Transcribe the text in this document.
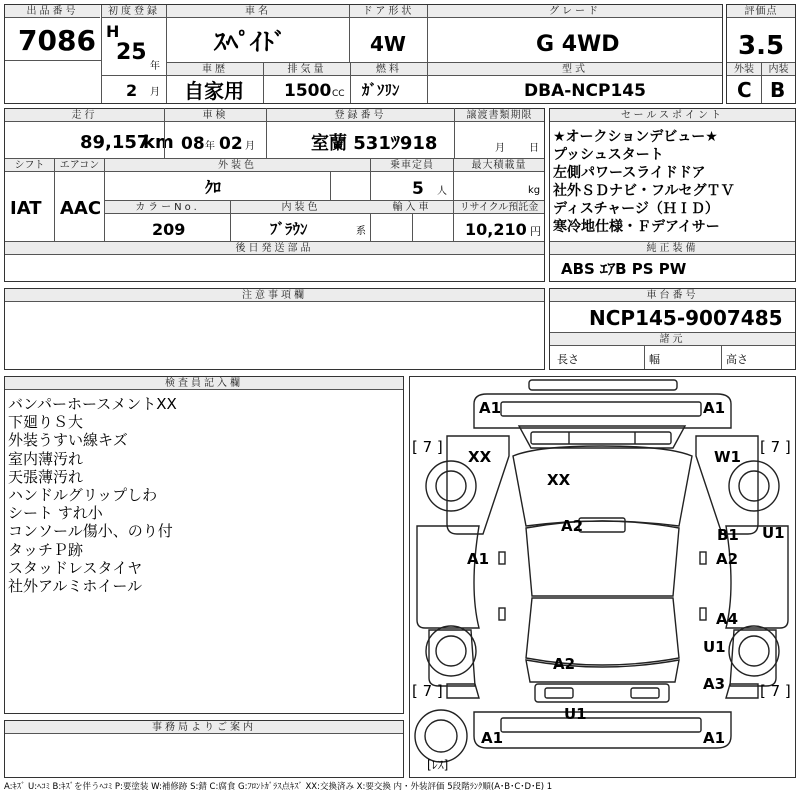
出品番号
7086
初度登録
H
25
年
2 月
車名
ｽﾍﾟｲﾄﾞ
ドア形状
4W
グレード
G 4WD
車歴
自家用
排気量
1500 CC
燃料
ｶﾞｿﾘﾝ
型式
DBA-NCP145
評価点
3.5
外装	内装
C B
走行
89,157
km
車検
08 年 02 月
登録番号
室蘭 531ﾂ918
譲渡書類期限
月 日
シフト
IAT
エアコン
AAC
外装色
ｸﾛ
乗車定員
5 人
最大積載量
kg
カラーNo.
209
内装色
ﾌﾞﾗｳﾝ	系
輸入車	リサイクル預託金
10,210 円
後日発送部品
セールスポイント
★オークションデビュー★
プッシュスタート
左側パワースライドドア
社外ＳＤナビ・フルセグＴＶ
ディスチャージ（ＨＩＤ）
寒冷地仕様・Ｆデアイサー
純正装備
ABS ｴｱB PS PW
注意事項欄	車台番号
NCP145-9007485
諸元
長さ	幅	高さ
検査員記入欄
バンパーホースメントXX
下廻りＳ大
外装うすい線キズ
室内薄汚れ
天張薄汚れ
ハンドルグリップしわ
シート すれ小
コンソール傷小、のり付
タッチＰ跡
スタッドレスタイヤ
社外アルミホイール
事務局よりご案内
A1	A1
[ 7 ]	[ 7 ]
XX
XX
W1
A2	B1 U1
A1	A2
A4
U1
A2
A3
[ 7 ]	[ 7 ]
U1
A1	A1
[ﾚｽ]
A:ｷｽﾞ U:ﾍｺﾐ B:ｷｽﾞを伴うﾍｺﾐ P:要塗装 W:補修跡 S:錆 C:腐食 G:ﾌﾛﾝﾄｶﾞﾗｽ点ｷｽﾞ XX:交換済み X:要交換 内・外装評価 5段階ﾗﾝｸ順(A･B･C･D･E) 1
